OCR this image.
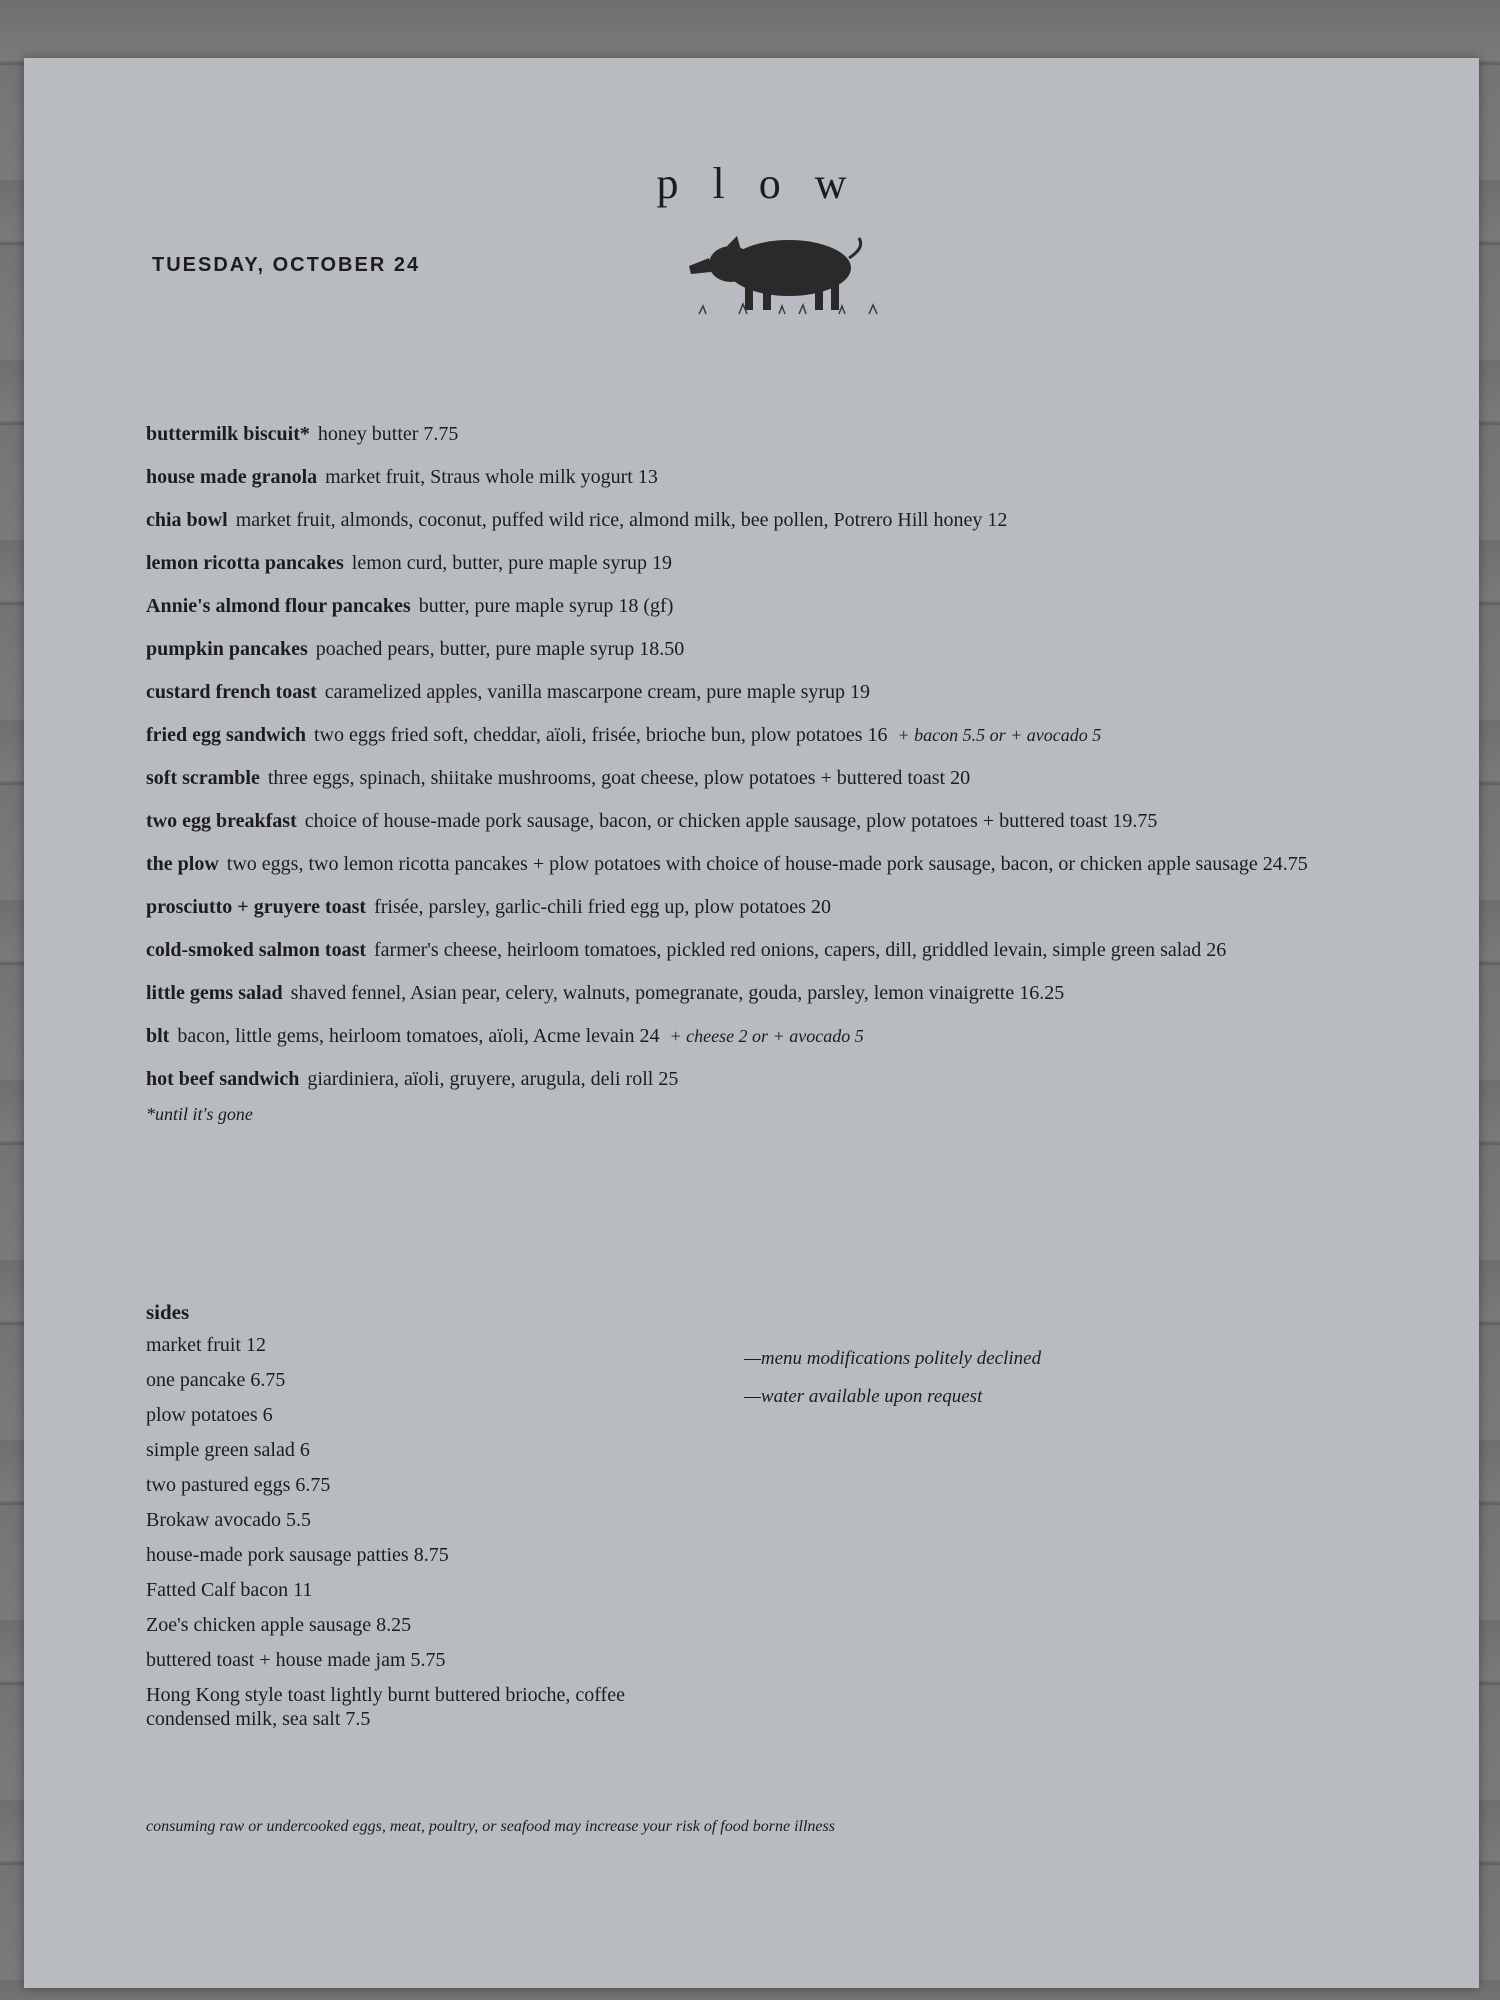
plow
TUESDAY, OCTOBER 24
buttermilk biscuit* honey butter 7.75
house made granola market fruit, Straus whole milk yogurt 13
chia bowl market fruit, almonds, coconut, puffed wild rice, almond milk, bee pollen, Potrero Hill honey 12
lemon ricotta pancakes lemon curd, butter, pure maple syrup 19
Annie's almond flour pancakes butter, pure maple syrup 18 (gf)
pumpkin pancakes poached pears, butter, pure maple syrup 18.50
custard french toast caramelized apples, vanilla mascarpone cream, pure maple syrup 19
fried egg sandwich two eggs fried soft, cheddar, aïoli, frisée, brioche bun, plow potatoes 16 + bacon 5.5 or + avocado 5
soft scramble three eggs, spinach, shiitake mushrooms, goat cheese, plow potatoes + buttered toast 20
two egg breakfast choice of house-made pork sausage, bacon, or chicken apple sausage, plow potatoes + buttered toast 19.75
the plow two eggs, two lemon ricotta pancakes + plow potatoes with choice of house-made pork sausage, bacon, or chicken apple sausage 24.75
prosciutto + gruyere toast frisée, parsley, garlic-chili fried egg up, plow potatoes 20
cold-smoked salmon toast farmer's cheese, heirloom tomatoes, pickled red onions, capers, dill, griddled levain, simple green salad 26
little gems salad shaved fennel, Asian pear, celery, walnuts, pomegranate, gouda, parsley, lemon vinaigrette 16.25
blt bacon, little gems, heirloom tomatoes, aïoli, Acme levain 24 + cheese 2 or + avocado 5
hot beef sandwich giardiniera, aïoli, gruyere, arugula, deli roll 25
*until it's gone
sides
market fruit 12
one pancake 6.75
plow potatoes 6
simple green salad 6
two pastured eggs 6.75
Brokaw avocado 5.5
house-made pork sausage patties 8.75
Fatted Calf bacon 11
Zoe's chicken apple sausage 8.25
buttered toast + house made jam 5.75
Hong Kong style toast lightly burnt buttered brioche, coffee condensed milk, sea salt 7.5
—menu modifications politely declined
—water available upon request
consuming raw or undercooked eggs, meat, poultry, or seafood may increase your risk of food borne illness
